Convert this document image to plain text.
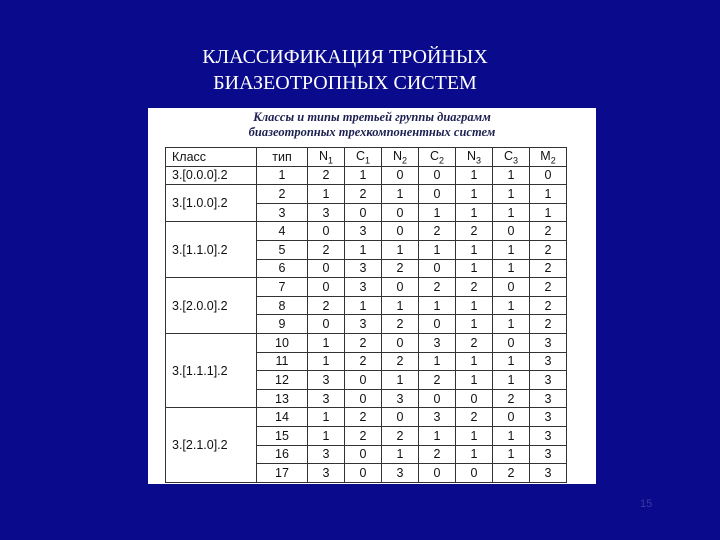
КЛАССИФИКАЦИЯ ТРОЙНЫХ
БИАЗЕОТРОПНЫХ СИСТЕМ
Классы и типы третьей группы диаграмм
биазеотропных трехкомпонентных систем
Класс	тип	$N_1$	$C_1$	$N_2$	$C_2$	$N_3$	$C_3$	$M_2$
3.[0.0.0].2	1	2	1	0	0	1	1	0
3.[1.0.0].2	2	1	2	1	0	1	1	1
	3	3	0	0	1	1	1	1
3.[1.1.0].2	4	0	3	0	2	2	0	2
	5	2	1	1	1	1	1	2
	6	0	3	2	0	1	1	2
3.[2.0.0].2	7	0	3	0	2	2	0	2
	8	2	1	1	1	1	1	2
	9	0	3	2	0	1	1	2
3.[1.1.1].2	10	1	2	0	3	2	0	3
	11	1	2	2	1	1	1	3
	12	3	0	1	2	1	1	3
	13	3	0	3	0	0	2	3
3.[2.1.0].2	14	1	2	0	3	2	0	3
	15	1	2	2	1	1	1	3
	16	3	0	1	2	1	1	3
	17	3	0	3	0	0	2	3
15
